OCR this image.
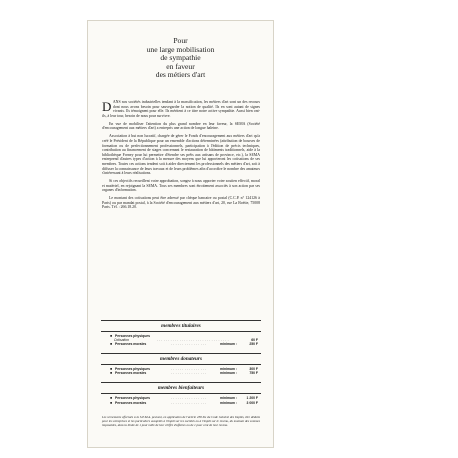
Pour
une large mobilisation
de sympathie
en faveur
des métiers d'art

DANS nos sociétés industrielles tendant à la massification, les métiers d'art sont un des recours dont nous avons besoin pour sauvegarder la notion de qualité. Ils en sont autant de signes vivants. Ils témoignent pour elle. Ils méritent à ce titre notre active sympathie. Aussi bien ont-ils, à leur tour, besoin de nous pour survivre.

En vue de mobiliser l'attention du plus grand nombre en leur faveur, la SEMA (Société d'encouragement aux métiers d'art) a entrepris une action de longue haleine.

Association à but non lucratif, chargée de gérer le Fonds d'encouragement aux métiers d'art qu'a créé le Président de la République pour un ensemble d'actions déterminées (attribution de bourses de formation ou de perfectionnement professionnels, participation à l'édition de précis techniques, contribution au financement de stages concernant le restauration de bâtiments traditionnels, aide à la bibliothèque Forney pour lui permettre d'étendre ses prêts aux artisans de province, etc.), la SEMA entreprend d'autres types d'action à la mesure des moyens que lui apporteront les cotisations de ses membres. Toutes ces actions tendent soit à aider directement les professionnels des métiers d'art, soit à diffuser la connaissance de leurs travaux et de leurs problèmes afin d'accroître le nombre des amateurs s'intéressant à leurs réalisations.

Si ces objectifs recueillent votre approbation, songez à nous apporter votre soutien effectif, moral et matériel, en rejoignant la SEMA. Tous ses membres sont étroitement associés à son action par ses organes d'information.

Le montant des cotisations peut être adressé par chèque bancaire ou postal (C.C.P. n° 124126 à Paris) ou par mandat postal, à la Société d'encouragement aux métiers d'art, 20, rue La Boétie, 75008 Paris. Tél. : 266.18.20.

membres titulaires
■ Personnes physiques
Cotisation	. . . . . . . . . . . . . . . . . . . . . . . . . . . . . . . .	60 F
■ Personnes morales	. . . . . . . . . . . . . . . .	minimum :	250 F
membres donateurs
■ Personnes physiques	. . . . . . . . . . . . . . . .	minimum :	300 F
■ Personnes morales	. . . . . . . . . . . . . . . .	minimum :	750 F
membres bienfaiteurs
■ Personnes physiques	. . . . . . . . . . . . . . . .	minimum :	1 200 F
■ Personnes morales	. . . . . . . . . . . . . . . .	minimum :	3 000 F
Les versements effectués à la S.E.M.A. peuvent, en application de l'article 238 bis du Code Général des Impôts, être déduits pour les entreprises et les particuliers assujettis à l'impôt sur les sociétés ou à l'impôt sur le revenu, du montant des sommes imposables, dans la limite de 1 pour mille de leur chiffre d'affaires ou de 1 pour cent de leur revenu.
